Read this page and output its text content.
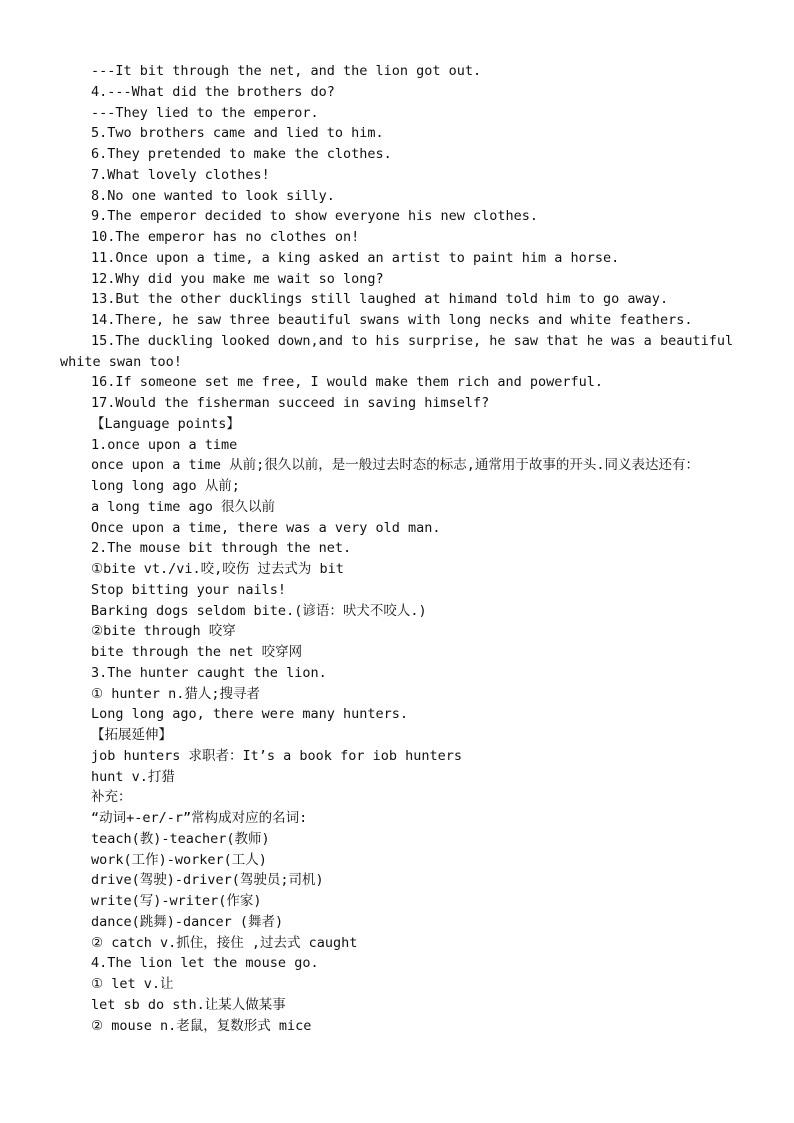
---It bit through the net, and the lion got out.
4.---What did the brothers do?
---They lied to the emperor.
5.Two brothers came and lied to him.
6.They pretended to make the clothes.
7.What lovely clothes!
8.No one wanted to look silly.
9.The emperor decided to show everyone his new clothes.
10.The emperor has no clothes on!
11.Once upon a time, a king asked an artist to paint him a horse.
12.Why did you make me wait so long?
13.But the other ducklings still laughed at himand told him to go away.
14.There, he saw three beautiful swans with long necks and white feathers.
15.The duckling looked down,and to his surprise, he saw that he was a beautiful white swan too!
16.If someone set me free, I would make them rich and powerful.
17.Would the fisherman succeed in saving himself?
【Language points】
1.once upon a time
once upon a time 从前;很久以前，是一般过去时态的标志,通常用于故事的开头.同义表达还有：
long long ago 从前;
a long time ago 很久以前
Once upon a time, there was a very old man.
2.The mouse bit through the net.
①bite vt./vi.咬,咬伤 过去式为 bit
Stop bitting your nails!
Barking dogs seldom bite.(谚语：吠犬不咬人.)
②bite through 咬穿
bite through the net 咬穿网
3.The hunter caught the lion.
① hunter n.猎人;搜寻者
Long long ago, there were many hunters.
【拓展延伸】
job hunters 求职者：It’s a book for iob hunters
hunt v.打猎
补充：
“动词+-er/-r”常构成对应的名词:
teach(教)-teacher(教师)
work(工作)-worker(工人)
drive(驾驶)-driver(驾驶员;司机)
write(写)-writer(作家)
dance(跳舞)-dancer (舞者)
② catch v.抓住，接住 ,过去式 caught
4.The lion let the mouse go.
① let v.让
let sb do sth.让某人做某事
② mouse n.老鼠，复数形式 mice
